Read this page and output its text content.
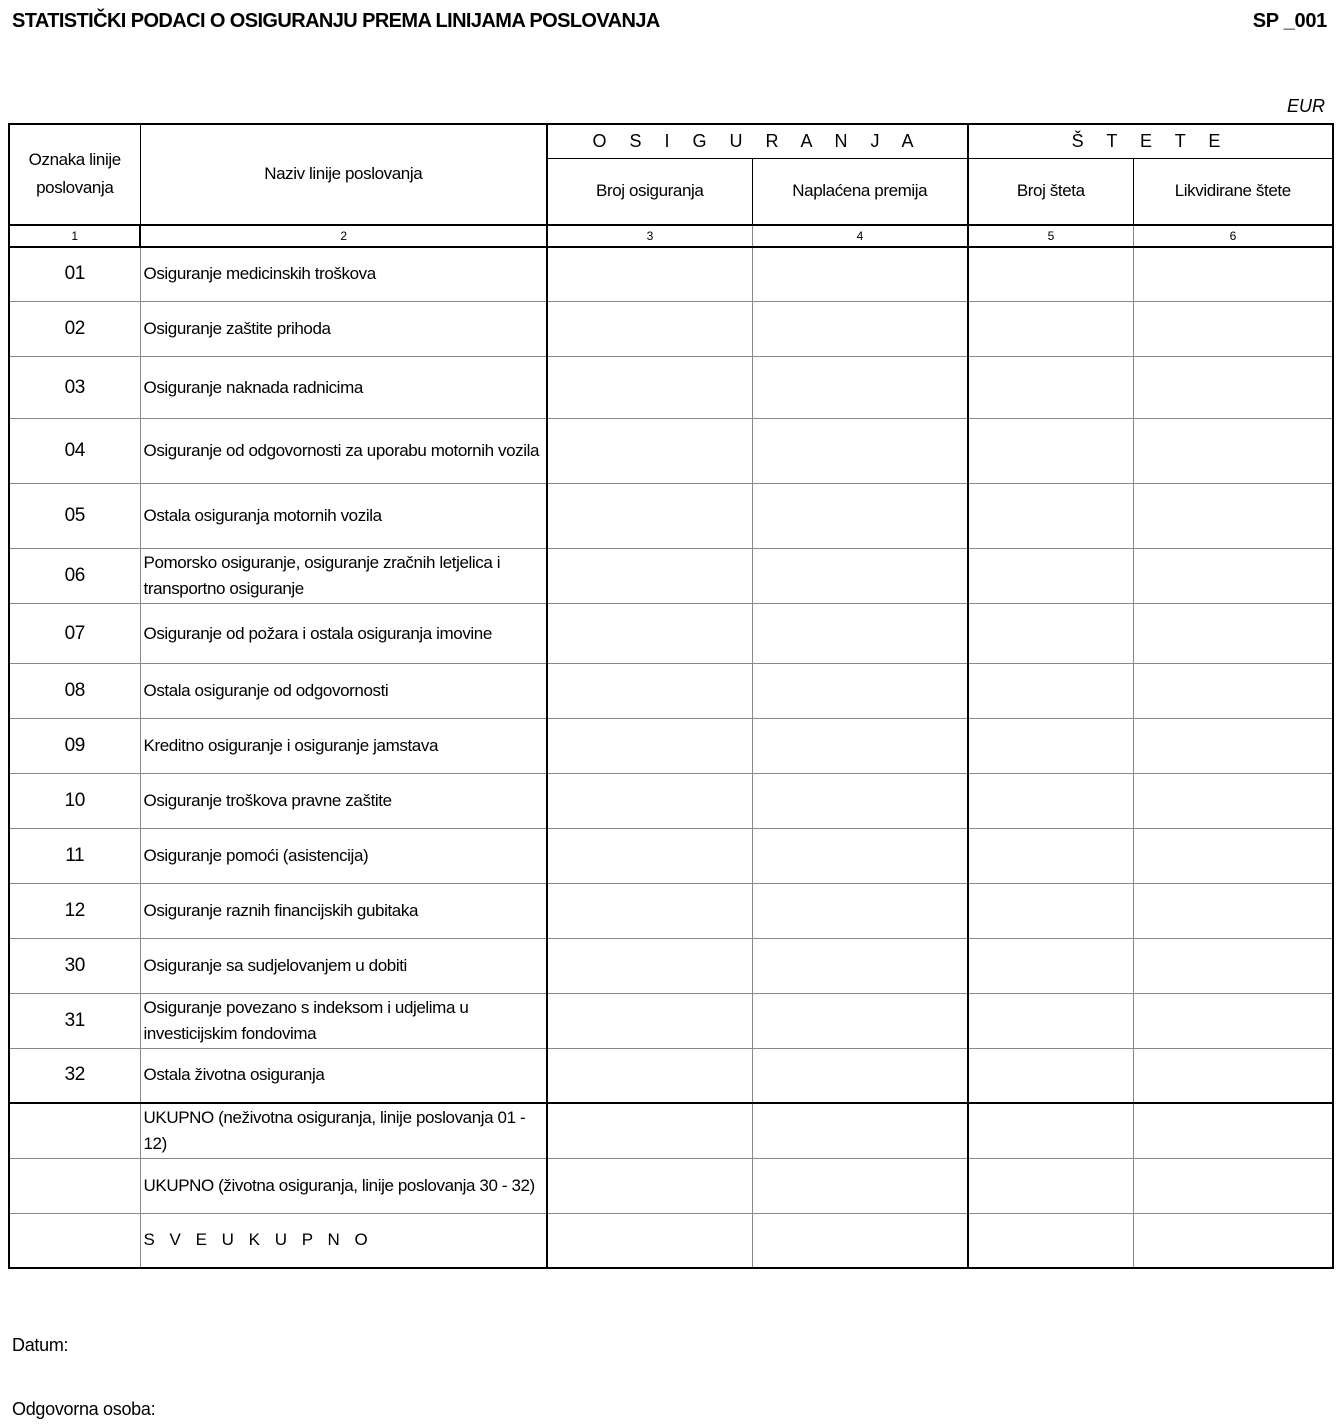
STATISTIČKI PODACI O OSIGURANJU PREMA LINIJAMA POSLOVANJA	SP _001
EUR
Oznaka linije poslovanja	Naziv linije poslovanja	O S I G U R A N J A		Š T E T E	
		Broj osiguranja	Naplaćena premija	Broj šteta	Likvidirane štete
1	2	3	4	5	6
01	Osiguranje medicinskih troškova				
02	Osiguranje zaštite prihoda				
03	Osiguranje naknada radnicima				
04	Osiguranje od odgovornosti za uporabu motornih vozila				
05	Ostala osiguranja motornih vozila				
06	Pomorsko osiguranje, osiguranje zračnih letjelica i transportno osiguranje				
07	Osiguranje od požara i ostala osiguranja imovine				
08	Ostala osiguranje od odgovornosti				
09	Kreditno osiguranje i osiguranje jamstava				
10	Osiguranje troškova pravne zaštite				
11	Osiguranje pomoći (asistencija)				
12	Osiguranje raznih financijskih gubitaka				
30	Osiguranje sa sudjelovanjem u dobiti				
31	Osiguranje povezano s indeksom i udjelima u investicijskim fondovima				
32	Ostala životna osiguranja				
	UKUPNO (neživotna osiguranja, linije poslovanja 01 - 12)				
	UKUPNO (životna osiguranja, linije poslovanja 30 - 32)				
	S V E U K U P N O				
Datum:
Odgovorna osoba:
